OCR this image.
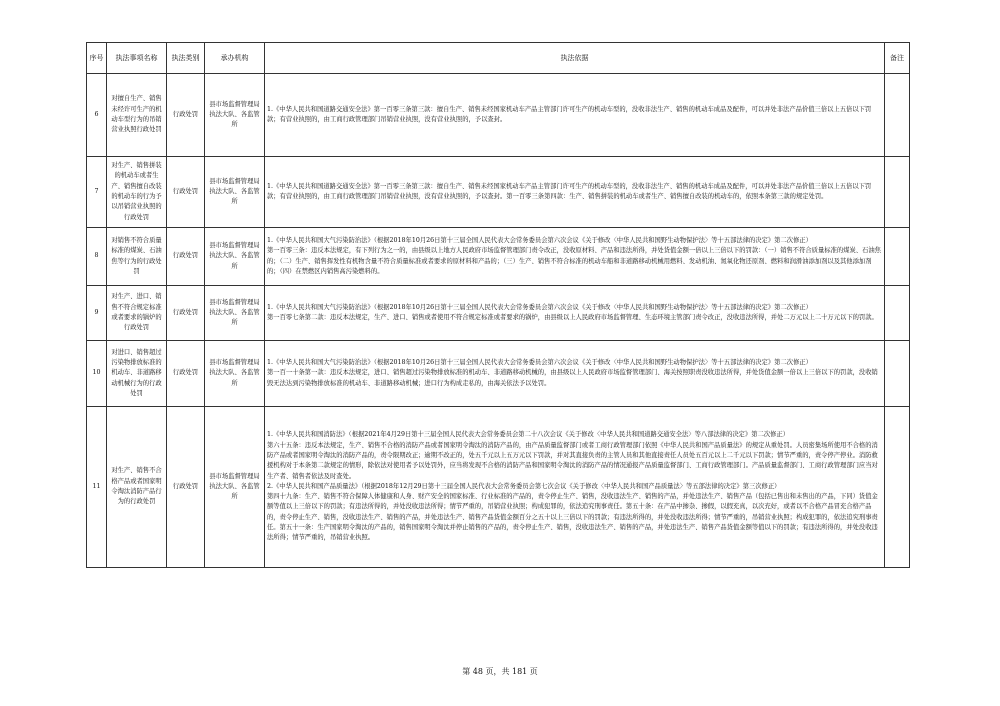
序号	执法事项名称	执法类别	承办机构	执法依据	备注
6	对擅自生产、销售未经许可生产的机动车型行为的吊销营业执照行政处罚	行政处罚	县市场监督管理局执法大队、各监管所	1.《中华人民共和国道路交通安全法》第一百零三条第三款：擅自生产、销售未经国家机动车产品主管部门许可生产的机动车型的，没收非法生产、销售的机动车成品及配件，可以并处非法产品价值三倍以上五倍以下罚款；有营业执照的，由工商行政管理部门吊销营业执照，没有营业执照的，予以查封。	

7	对生产、销售拼装的机动车或者生产、销售擅自改装的机动车的行为予以吊销营业执照的行政处罚	行政处罚	县市场监督管理局执法大队、各监管所	1.《中华人民共和国道路交通安全法》第一百零三条第三款：擅自生产、销售未经国家机动车产品主管部门许可生产的机动车型的，没收非法生产、销售的机动车成品及配件，可以并处非法产品价值三倍以上五倍以下罚款；有营业执照的，由工商行政管理部门吊销营业执照，没有营业执照的，予以查封。第一百零三条第四款：生产、销售拼装的机动车或者生产、销售擅自改装的机动车的，依照本条第三款的规定处罚。	

8	对销售不符合质量标准的煤炭、石油焦等行为的行政处罚	行政处罚	县市场监督管理局执法大队、各监管所	1.《中华人民共和国大气污染防治法》（根据2018年10月26日第十三届全国人民代表大会常务委员会第六次会议《关于修改〈中华人民共和国野生动物保护法〉等十五部法律的决定》第二次修正）

第一百零三条：违反本法规定，有下列行为之一的，由县级以上地方人民政府市场监督管理部门责令改正，没收原材料、产品和违法所得，并处货值金额一倍以上三倍以下的罚款：（一）销售不符合质量标准的煤炭、石油焦的；（二）生产、销售挥发性有机物含量不符合质量标准或者要求的原材料和产品的；（三）生产、销售不符合标准的机动车船和非道路移动机械用燃料、发动机油、氮氧化物还原剂、燃料和润滑油添加剂以及其他添加剂的；（四）在禁燃区内销售高污染燃料的。	

9	对生产、进口、销售不符合规定标准或者要求的锅炉的行政处罚	行政处罚	县市场监督管理局执法大队、各监管所	1.《中华人民共和国大气污染防治法》（根据2018年10月26日第十三届全国人民代表大会常务委员会第六次会议《关于修改〈中华人民共和国野生动物保护法〉等十五部法律的决定》第二次修正）

第一百零七条第二款：违反本法规定，生产、进口、销售或者使用不符合规定标准或者要求的锅炉，由县级以上人民政府市场监督管理、生态环境主管部门责令改正，没收违法所得，并处二万元以上二十万元以下的罚款。	

10	对进口、销售超过污染物排放标准的机动车、非道路移动机械行为的行政处罚	行政处罚	县市场监督管理局执法大队、各监管所	1.《中华人民共和国大气污染防治法》（根据2018年10月26日第十三届全国人民代表大会常务委员会第六次会议《关于修改〈中华人民共和国野生动物保护法〉等十五部法律的决定》第二次修正）

第一百一十条第一款：违反本法规定，进口、销售超过污染物排放标准的机动车、非道路移动机械的，由县级以上人民政府市场监督管理部门、海关按照职责没收违法所得，并处货值金额一倍以上三倍以下的罚款，没收销毁无法达到污染物排放标准的机动车、非道路移动机械；进口行为构成走私的，由海关依法予以处罚。	

11	对生产、销售不合格产品或者国家明令淘汰消防产品行为的行政处罚	行政处罚	县市场监督管理局执法大队、各监管所	1.《中华人民共和国消防法》（根据2021年4月29日第十三届全国人民代表大会常务委员会第二十八次会议《关于修改〈中华人民共和国道路交通安全法〉等八部法律的决定》第二次修正）

第六十五条：违反本法规定，生产、销售不合格的消防产品或者国家明令淘汰的消防产品的，由产品质量监督部门或者工商行政管理部门依照《中华人民共和国产品质量法》的规定从重处罚。人员密集场所使用不合格的消防产品或者国家明令淘汰的消防产品的，责令限期改正；逾期不改正的，处五千元以上五万元以下罚款，并对其直接负责的主管人员和其他直接责任人员处五百元以上二千元以下罚款；情节严重的，责令停产停业。消防救援机构对于本条第二款规定的情形，除依法对使用者予以处罚外，应当将发现不合格的消防产品和国家明令淘汰的消防产品的情况通报产品质量监督部门、工商行政管理部门。产品质量监督部门、工商行政管理部门应当对生产者、销售者依法及时查处。

2.《中华人民共和国产品质量法》（根据2018年12月29日第十三届全国人民代表大会常务委员会第七次会议《关于修改〈中华人民共和国产品质量法〉等五部法律的决定》第三次修正）

第四十九条：生产、销售不符合保障人体健康和人身、财产安全的国家标准、行业标准的产品的，责令停止生产、销售，没收违法生产、销售的产品，并处违法生产、销售产品（包括已售出和未售出的产品，下同）货值金额等值以上三倍以下的罚款；有违法所得的，并处没收违法所得；情节严重的，吊销营业执照；构成犯罪的，依法追究刑事责任。第五十条：在产品中掺杂、掺假，以假充真，以次充好，或者以不合格产品冒充合格产品的，责令停止生产、销售，没收违法生产、销售的产品，并处违法生产、销售产品货值金额百分之五十以上三倍以下的罚款；有违法所得的，并处没收违法所得；情节严重的，吊销营业执照；构成犯罪的，依法追究刑事责任。第五十一条：生产国家明令淘汰的产品的，销售国家明令淘汰并停止销售的产品的，责令停止生产、销售，没收违法生产、销售的产品，并处违法生产、销售产品货值金额等值以下的罚款；有违法所得的，并处没收违法所得；情节严重的，吊销营业执照。	

第 48 页，共 181 页
